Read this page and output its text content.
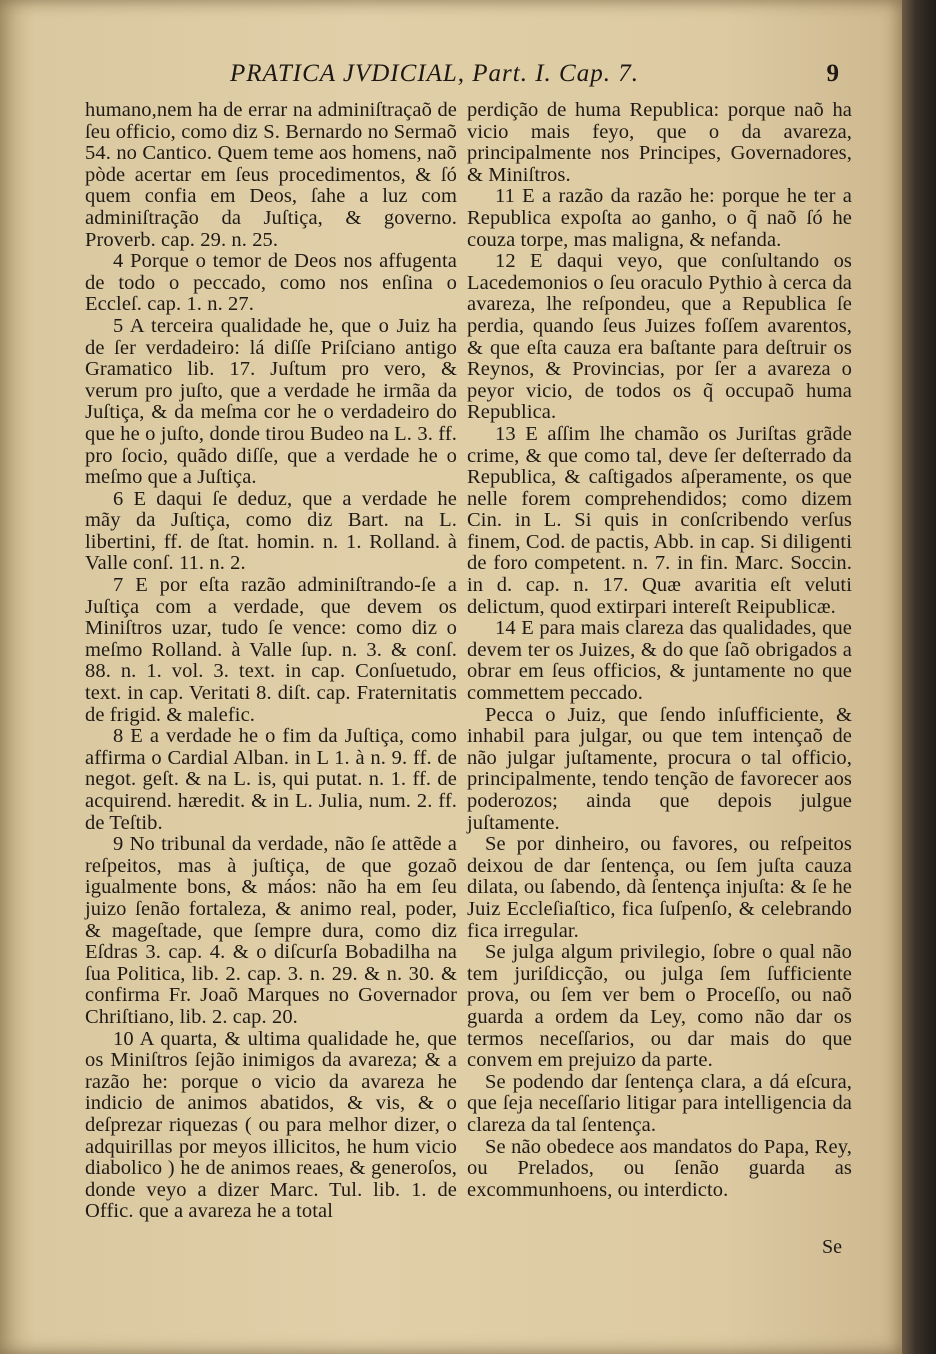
PRATICA JVDICIAL, Part. I. Cap. 7.	9

humano,nem ha de errar na adminiſtraçaõ de ſeu officio, como diz S. Bernardo no Sermaõ 54. no Cantico. Quem teme aos homens, naõ pòde acertar em ſeus procedimentos, & ſó quem confia em Deos, ſahe a luz com adminiſtração da Juſtiça, & governo. Proverb. cap. 29. n. 25.

4 Porque o temor de Deos nos affugenta de todo o peccado, como nos enſina o Eccleſ. cap. 1. n. 27.

5 A terceira qualidade he, que o Juiz ha de ſer verdadeiro: lá diſſe Priſciano antigo Gramatico lib. 17. Juſtum pro vero, & verum pro juſto, que a verdade he irmãa da Juſtiça, & da meſma cor he o verdadeiro do que he o juſto, donde tirou Budeo na L. 3. ff. pro ſocio, quãdo diſſe, que a verdade he o meſmo que a Juſtiça.

6 E daqui ſe deduz, que a verdade he mãy da Juſtiça, como diz Bart. na L. libertini, ff. de ſtat. homin. n. 1. Rolland. à Valle conſ. 11. n. 2.

7 E por eſta razão adminiſtrando-ſe a Juſtiça com a verdade, que devem os Miniſtros uzar, tudo ſe vence: como diz o meſmo Rolland. à Valle ſup. n. 3. & conſ. 88. n. 1. vol. 3. text. in cap. Conſuetudo, text. in cap. Veritati 8. diſt. cap. Fraternitatis de frigid. & malefic.

8 E a verdade he o fim da Juſtiça, como affirma o Cardial Alban. in L 1. à n. 9. ff. de negot. geſt. & na L. is, qui putat. n. 1. ff. de acquirend. hæredit. & in L. Julia, num. 2. ff. de Teſtib.

9 No tribunal da verdade, não ſe attẽde a reſpeitos, mas à juſtiça, de que gozaõ igualmente bons, & máos: não ha em ſeu juizo ſenão fortaleza, & animo real, poder, & mageſtade, que ſempre dura, como diz Eſdras 3. cap. 4. & o diſcurſa Bobadilha na ſua Politica, lib. 2. cap. 3. n. 29. & n. 30. & confirma Fr. Joaõ Marques no Governador Chriſtiano, lib. 2. cap. 20.

10 A quarta, & ultima qualidade he, que os Miniſtros ſejão inimigos da avareza; & a razão he: porque o vicio da avareza he indicio de animos abatidos, & vis, & o deſprezar riquezas ( ou para melhor dizer, o adquirillas por meyos illicitos, he hum vicio diabolico ) he de animos reaes, & generoſos, donde veyo a dizer Marc. Tul. lib. 1. de Offic. que a avareza he a total

perdição de huma Republica: porque naõ ha vicio mais feyo, que o da avareza, principalmente nos Principes, Governadores, & Miniſtros.

11 E a razão da razão he: porque he ter a Republica expoſta ao ganho, o q̃ naõ ſó he couza torpe, mas maligna, & nefanda.

12 E daqui veyo, que conſultando os Lacedemonios o ſeu oraculo Pythio à cerca da avareza, lhe reſpondeu, que a Republica ſe perdia, quando ſeus Juizes foſſem avarentos, & que eſta cauza era baſtante para deſtruir os Reynos, & Provincias, por ſer a avareza o peyor vicio, de todos os q̃ occupaõ huma Republica.

13 E aſſim lhe chamão os Juriſtas grãde crime, & que como tal, deve ſer deſterrado da Republica, & caſtigados aſperamente, os que nelle forem comprehendidos; como dizem Cin. in L. Si quis in conſcribendo verſus finem, Cod. de pactis, Abb. in cap. Si diligenti de foro competent. n. 7. in fin. Marc. Soccin. in d. cap. n. 17. Quæ avaritia eſt veluti delictum, quod extirpari intereſt Reipublicæ.

14 E para mais clareza das qualidades, que devem ter os Juizes, & do que ſaõ obrigados a obrar em ſeus officios, & juntamente no que commettem peccado.

Pecca o Juiz, que ſendo inſufficiente, & inhabil para julgar, ou que tem intençaõ de não julgar juſtamente, procura o tal officio, principalmente, tendo tenção de favorecer aos poderozos; ainda que depois julgue juſtamente.

Se por dinheiro, ou favores, ou reſpeitos deixou de dar ſentença, ou ſem juſta cauza dilata, ou ſabendo, dà ſentença injuſta: & ſe he Juiz Eccleſiaſtico, fica ſuſpenſo, & celebrando fica irregular.

Se julga algum privilegio, ſobre o qual não tem juriſdicção, ou julga ſem ſufficiente prova, ou ſem ver bem o Proceſſo, ou naõ guarda a ordem da Ley, como não dar os termos neceſſarios, ou dar mais do que convem em prejuizo da parte.

Se podendo dar ſentença clara, a dá eſcura, que ſeja neceſſario litigar para intelligencia da clareza da tal ſentença.

Se não obedece aos mandatos do Papa, Rey, ou Prelados, ou ſenão guarda as excommunhoens, ou interdicto.

Se
